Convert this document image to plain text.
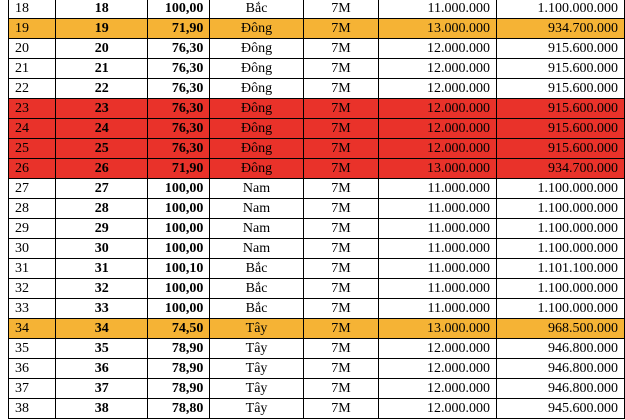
18	18	100,00	Bắc	7M	11.000.000	1.100.000.000
19	19	71,90	Đông	7M	13.000.000	934.700.000
20	20	76,30	Đông	7M	12.000.000	915.600.000
21	21	76,30	Đông	7M	12.000.000	915.600.000
22	22	76,30	Đông	7M	12.000.000	915.600.000
23	23	76,30	Đông	7M	12.000.000	915.600.000
24	24	76,30	Đông	7M	12.000.000	915.600.000
25	25	76,30	Đông	7M	12.000.000	915.600.000
26	26	71,90	Đông	7M	13.000.000	934.700.000
27	27	100,00	Nam	7M	11.000.000	1.100.000.000
28	28	100,00	Nam	7M	11.000.000	1.100.000.000
29	29	100,00	Nam	7M	11.000.000	1.100.000.000
30	30	100,00	Nam	7M	11.000.000	1.100.000.000
31	31	100,10	Bắc	7M	11.000.000	1.101.100.000
32	32	100,00	Bắc	7M	11.000.000	1.100.000.000
33	33	100,00	Bắc	7M	11.000.000	1.100.000.000
34	34	74,50	Tây	7M	13.000.000	968.500.000
35	35	78,90	Tây	7M	12.000.000	946.800.000
36	36	78,90	Tây	7M	12.000.000	946.800.000
37	37	78,90	Tây	7M	12.000.000	946.800.000
38	38	78,80	Tây	7M	12.000.000	945.600.000
